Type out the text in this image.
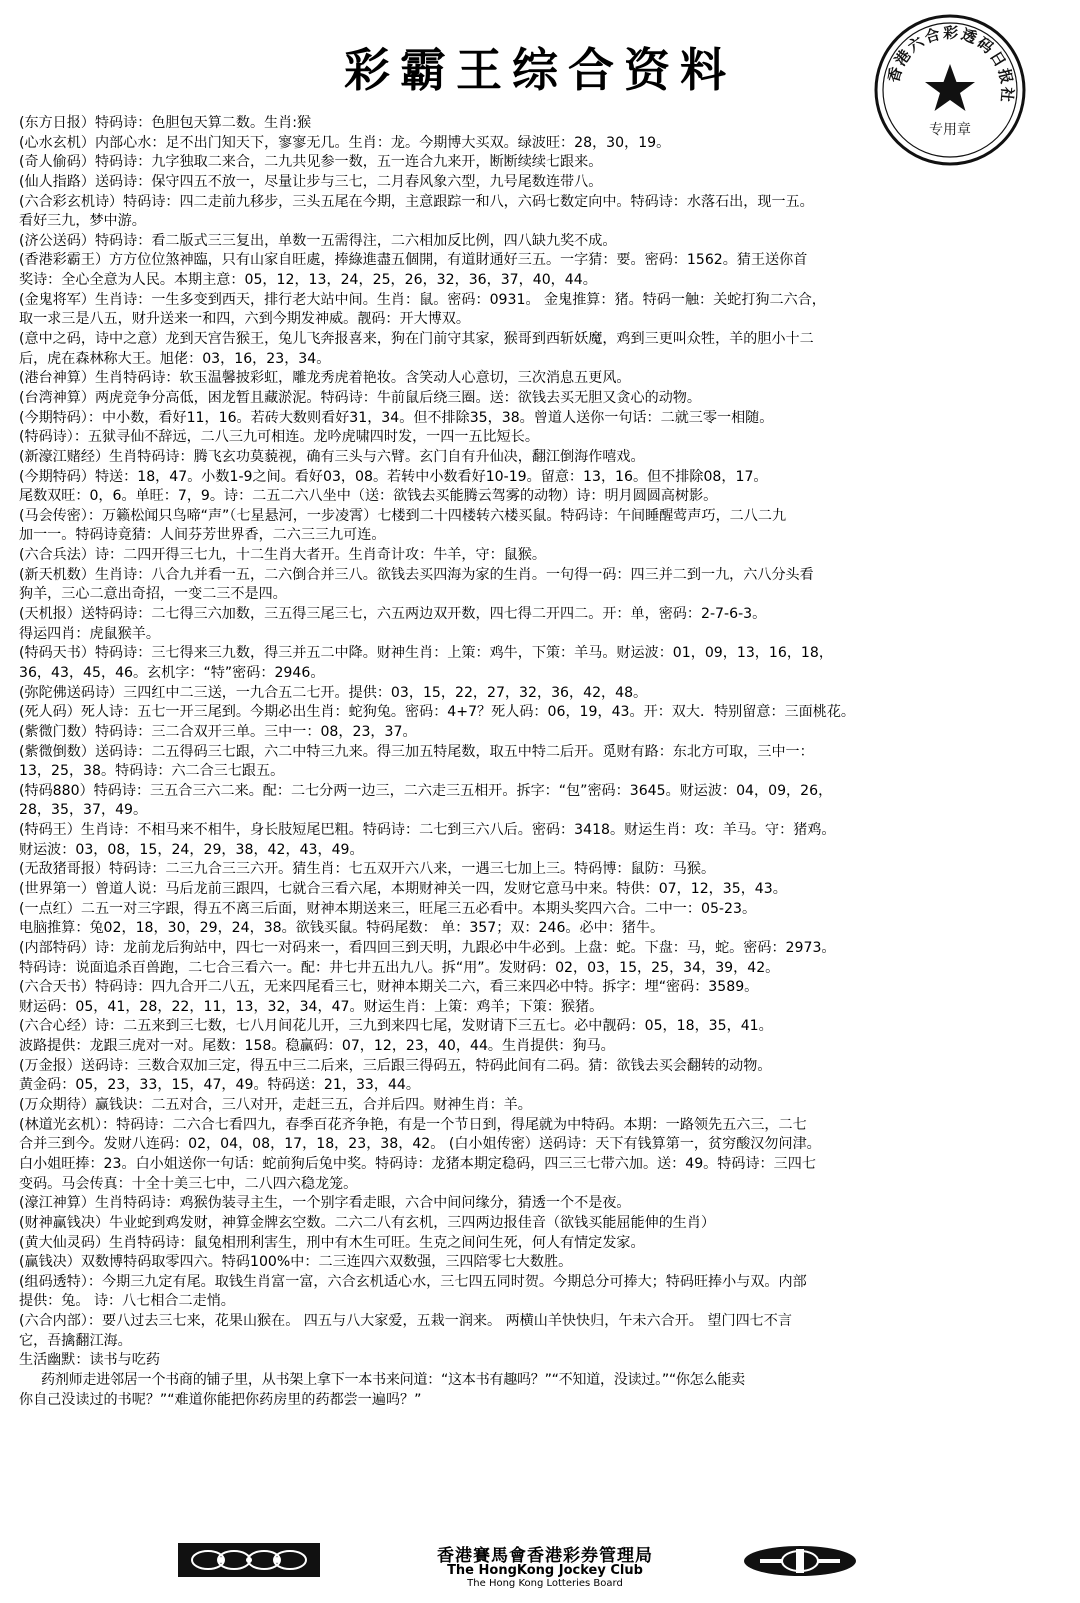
彩霸王综合资料	香港六合彩透码日报社
专用章
(东方日报）特码诗：色胆包天算二数。生肖:猴
(心水玄机）内部心水：足不出门知天下，寥寥无几。生肖：龙。今期博大买双。绿波旺：28，30，19。
(奇人偷码）特码诗：九字独取二来合，二九共见参一数，五一连合九来开，断断续续七跟来。
(仙人指路）送码诗：保守四五不放一，尽量让步与三七，二月春风象六型，九号尾数连带八。
(六合彩玄机诗）特码诗：四二走前九移步，三头五尾在今期，主意跟踪一和八，六码七数定向中。特码诗：水落石出，现一五。
看好三九，梦中游。
(济公送码）特码诗：看二版式三三复出，单数一五需得注，二六相加反比例，四八缺九奖不成。
(香港彩霸王）方方位位煞神臨，只有山家自旺處，捧綠進盡五個開，有道財通好三五。一字猜：要。密码：1562。猜王送你首
奖诗：全心全意为人民。本期主意：05，12，13，24，25，26，32，36，37，40，44。
(金鬼将军）生肖诗：一生多变到西天，排行老大站中间。生肖：鼠。密码：0931。 金鬼推算：猪。特码一触：关蛇打狗二六合，
取一求三是八五，财升送来一和四，六到今期发神威。靓码：开大博双。
(意中之码，诗中之意）龙到天宫告猴王，兔儿飞奔报喜来，狗在门前守其家，猴哥到西斩妖魔，鸡到三更叫众牲，羊的胆小十二
后，虎在森林称大王。旭佬：03，16，23，34。
(港台神算）生肖特码诗：软玉温馨披彩虹，雕龙秀虎着艳妆。含笑动人心意切，三次消息五更风。
(台湾神算）两虎竞争分高低，困龙暂且藏淤泥。特码诗：牛前鼠后绕三圈。送：欲钱去买无胆又贪心的动物。
(今期特码）：中小数，看好11，16。若砖大数则看好31，34。但不排除35，38。曾道人送你一句话：二就三零一相随。
(特码诗）：五狱寻仙不辞远，二八三九可相连。龙吟虎啸四时发，一四一五比短长。
(新濠江赌经）生肖特码诗：腾飞玄功莫藐视，确有三头与六臂。玄门自有升仙决，翻江倒海作嘻戏。
(今期特码）特送：18，47。小数1-9之间。看好03，08。若转中小数看好10-19。留意：13，16。但不排除08，17。
尾数双旺：0，6。单旺：7，9。诗：二五二六八坐中（送：欲钱去买能腾云驾雾的动物）诗：明月圆圆高树影。
(马会传密）：万籁松闻只鸟啼“声”（七星悬河，一步凌霄）七楼到二十四楼转六楼买鼠。特码诗：午间睡醒莺声巧，二八二九
加一一。特码诗竟猜：人间芬芳世界香，二六三三九可连。
(六合兵法）诗：二四开得三七九，十二生肖大者开。生肖奇计攻：牛羊，守：鼠猴。
(新天机数）生肖诗：八合九并看一五，二六倒合并三八。欲钱去买四海为家的生肖。一句得一码：四三并二到一九，六八分头看
狗羊，三心二意出奇招，一变二三不是四。
(天机报）送特码诗：二七得三六加数，三五得三尾三七，六五两边双开数，四七得二开四二。开：单，密码：2-7-6-3。
得运四肖：虎鼠猴羊。
(特码天书）特码诗：三七得来三九数，得三并五二中降。财神生肖：上策：鸡牛，下策：羊马。财运波：01，09，13，16，18，
36，43，45，46。玄机字：“特”密码：2946。
(弥陀佛送码诗）三四红中二三送，一九合五二七开。提供：03，15，22，27，32，36，42，48。
(死人码）死人诗：五七一开三尾到。今期必出生肖：蛇狗兔。密码：4+7？死人码：06，19，43。开：双大．特别留意：三面桃花。
(紫微门数）特码诗：三二合双开三单。三中一：08，23，37。
(紫微倒数）送码诗：二五得码三七跟，六二中特三九来。得三加五特尾数，取五中特二后开。觅财有路：东北方可取，三中一：
13，25，38。特码诗：六二合三七跟五。
(特码880）特码诗：三五合三六二来。配：二七分两一边三，二六走三五相开。拆字：“包”密码：3645。财运波：04，09，26，
28，35，37，49。
(特码王）生肖诗：不相马来不相牛，身长肢短尾巴粗。特码诗：二七到三六八后。密码：3418。财运生肖：攻：羊马。守：猪鸡。
财运波：03，08，15，24，29，38，42，43，49。
(无敌猪哥报）特码诗：二三九合三三六开。猜生肖：七五双开六八来，一遇三七加上三。特码博：鼠防：马猴。
(世界第一）曾道人说：马后龙前三跟四，七就合三看六尾，本期财神关一四，发财它意马中来。特供：07，12，35，43。
(一点红）二五一对三字跟，得五不离三后面，财神本期送来三，旺尾三五必看中。本期头奖四六合。二中一：05-23。
电脑推算：兔02，18，30，29，24，38。欲钱买鼠。特码尾数： 单：357；双：246。必中：猪牛。
(内部特码）诗：龙前龙后狗站中，四七一对码来一，看四回三到天明，九跟必中牛必到。上盘：蛇。下盘：马，蛇。密码：2973。
特码诗：说面追杀百兽跑，二七合三看六一。配：井七井五出九八。拆“用”。发财码：02，03，15，25，34，39，42。
(六合天书）特码诗：四九合开二八五，无来四尾看三七，财神本期关二六，看三来四必中特。拆字：埋“密码：3589。
财运码：05，41，28，22，11，13，32，34，47。财运生肖：上策：鸡羊；下策：猴猪。
(六合心经）诗：二五来到三七数，七八月间花儿开，三九到来四七尾，发财请下三五七。必中靓码：05，18，35，41。
波路提供：龙跟三虎对一对。尾数：158。稳赢码：07，12，23，40，44。生肖提供：狗马。
(万金报）送码诗：三数合双加三定，得五中三二后来，三后跟三得码五，特码此间有二码。猜：欲钱去买会翻转的动物。
黄金码：05，23，33，15，47，49。特码送：21，33，44。
(万众期待）赢钱诀：二五对合，三八对开，走赶三五，合并后四。财神生肖：羊。
(林道光玄机）：特码诗：二六合七看四九，春季百花齐争艳，有是一个节日到，得尾就为中特码。本期：一路领先五六三，二七
合并三到今。发财八连码：02，04，08，17，18，23，38，42。 (白小姐传密）送码诗：天下有钱算第一，贫穷酸汉勿问津。
白小姐旺捧：23。白小姐送你一句话：蛇前狗后兔中奖。特码诗：龙猪本期定稳码，四三三七带六加。送：49。特码诗：三四七
变码。马会传真：十全十美三七中，二八四六稳龙笼。
(濠江神算）生肖特码诗：鸡猴伪装寻主生，一个别字看走眼，六合中间问缘分，猜透一个不是夜。
(财神赢钱决）牛业蛇到鸡发财，神算金牌玄空数。二六二八有玄机，三四两边报佳音（欲钱买能屈能伸的生肖）
(黄大仙灵码）生肖特码诗：鼠兔相刑利害生，刑中有木生可旺。生克之间问生死，何人有情定发家。
(赢钱决）双数博特码取零四六。特码100%中：二三连四六双数强，三四陪零七大数胜。
(组码透特）：今期三九定有尾。取钱生肖富一富，六合玄机适心水，三七四五同时贺。今期总分可捧大；特码旺捧小与双。内部
提供：兔。 诗：八七相合二走悄。
(六合内部）：要八过去三七来，花果山猴在。 四五与八大家爱，五栽一润来。 两横山羊快快归，午未六合开。 望门四七不言
它，吾擒翻江海。
生活幽默：读书与吃药
药剂师走进邻居一个书商的铺子里，从书架上拿下一本书来问道：“这本书有趣吗？”“不知道，没读过。”“你怎么能卖
你自己没读过的书呢？”“难道你能把你药房里的药都尝一遍吗？”
香港賽馬會香港彩券管理局
The HongKong Jockey Club
The Hong Kong Lotteries Board
